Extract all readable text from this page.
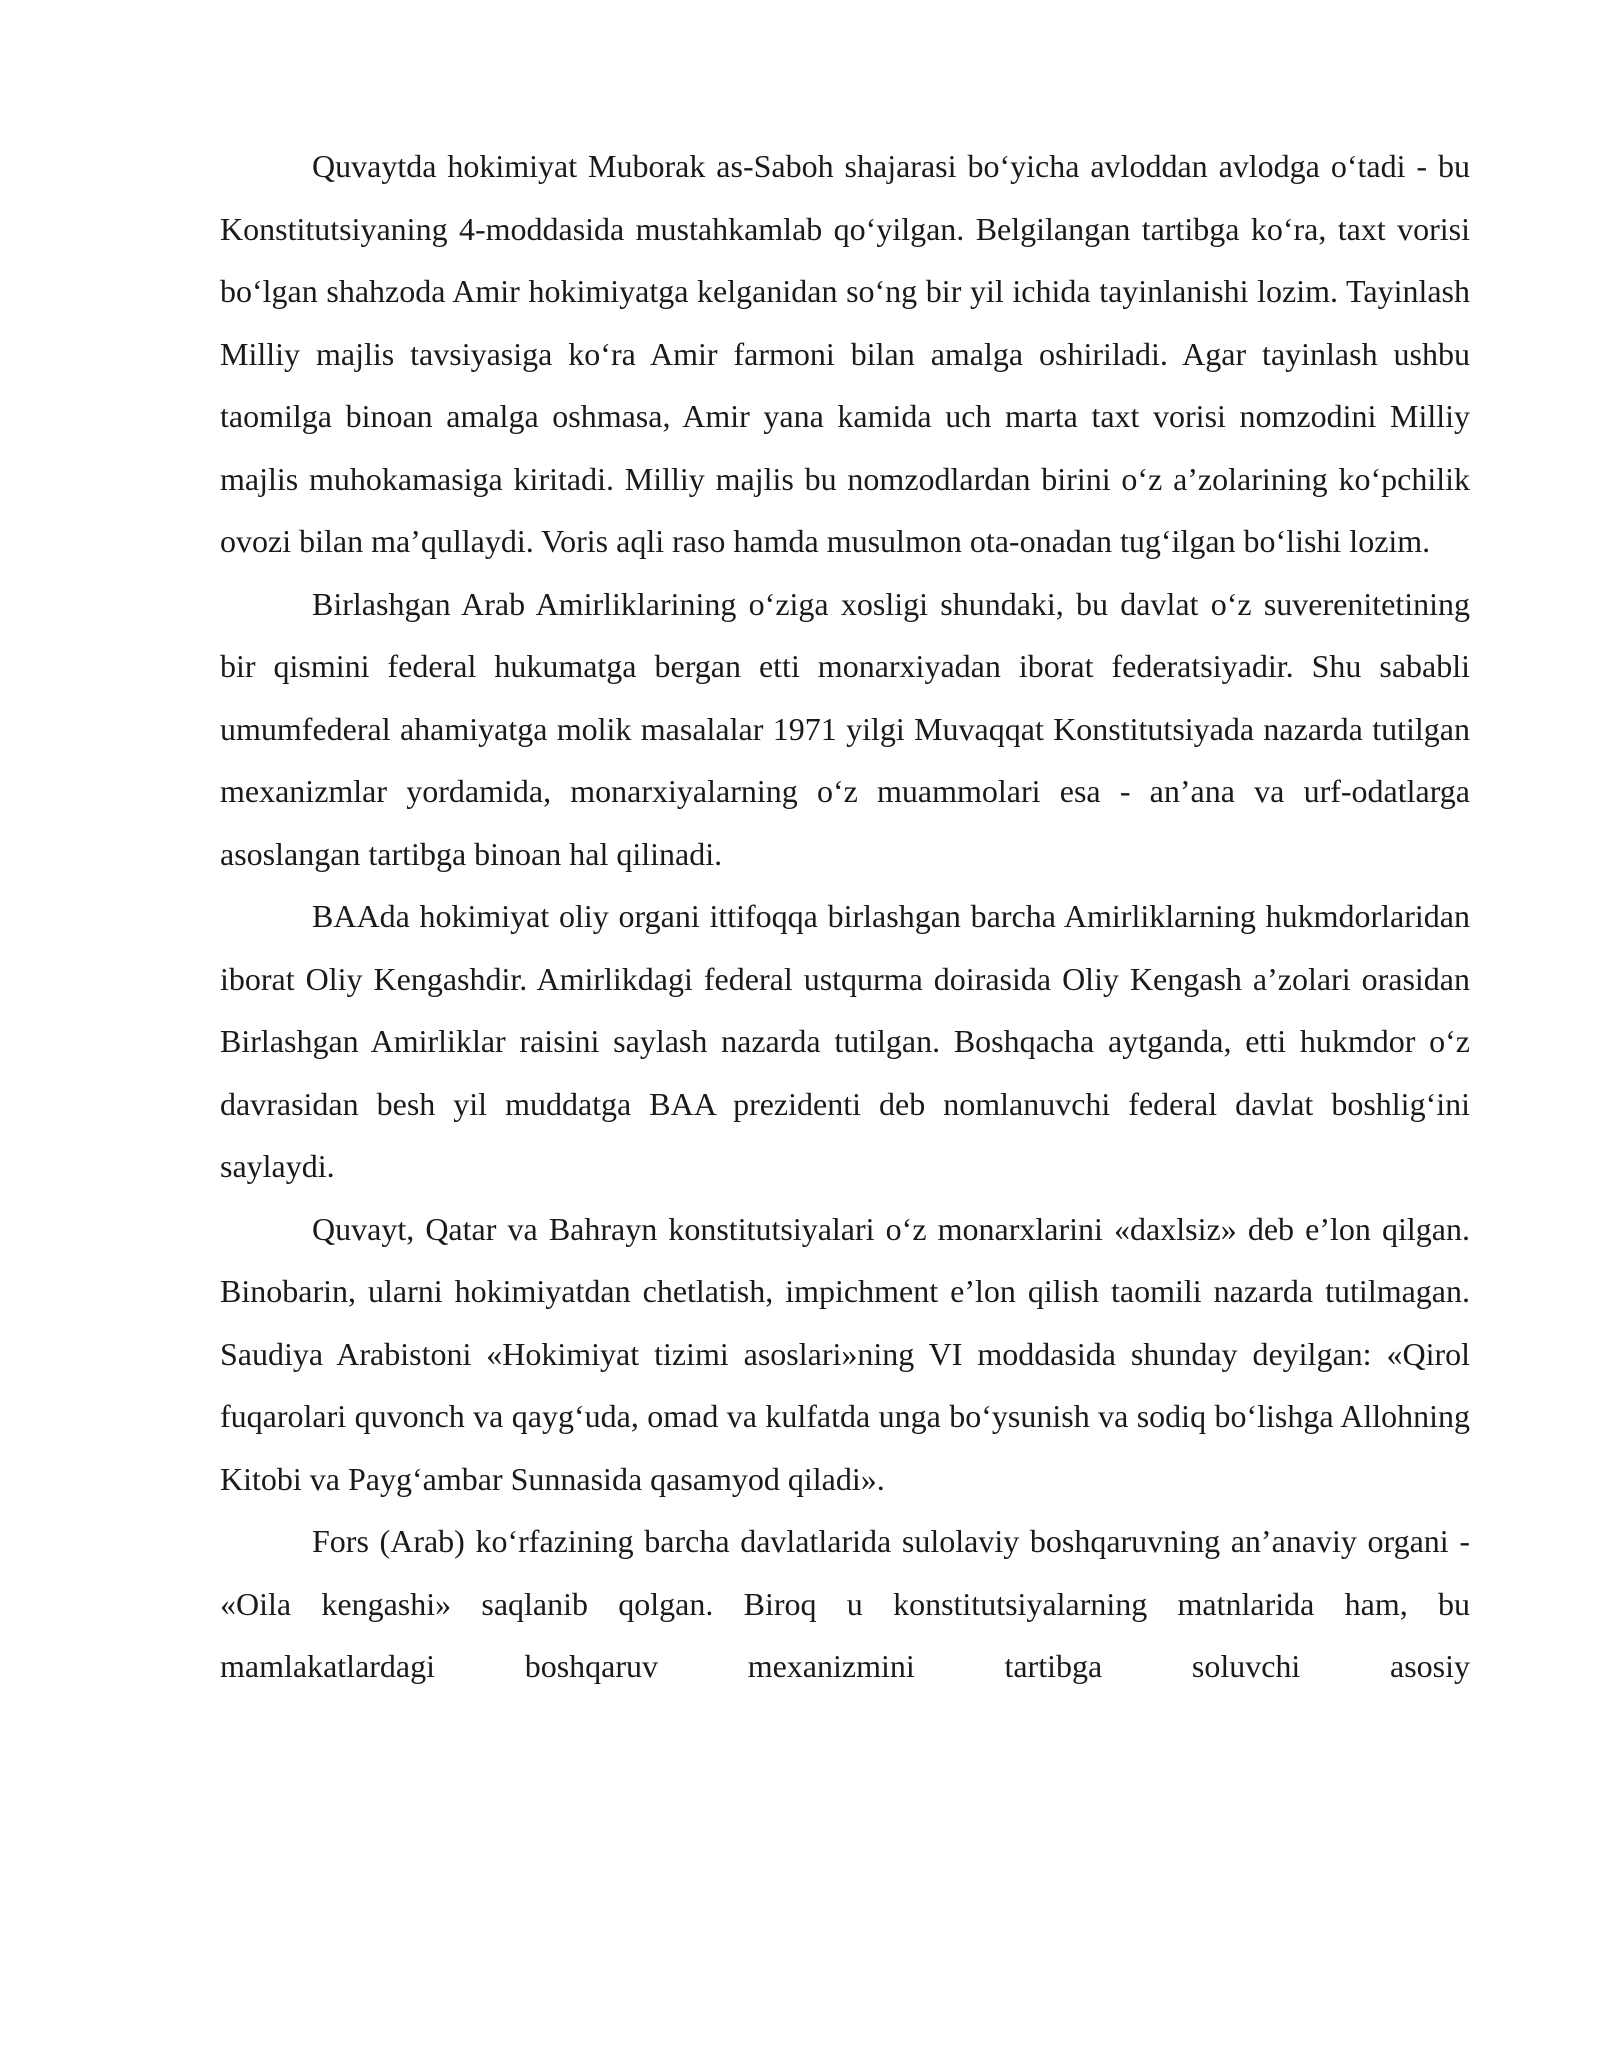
Quvaytda hokimiyat Muborak as-Saboh shajarasi bo‘yicha avloddan avlodga o‘tadi - bu Konstitutsiyaning 4-moddasida mustahkamlab qo‘yilgan. Belgilangan tartibga ko‘ra, taxt vorisi bo‘lgan shahzoda Amir hokimiyatga kelganidan so‘ng bir yil ichida tayinlanishi lozim. Tayinlash Milliy majlis tavsiyasiga ko‘ra Amir farmoni bilan amalga oshiriladi. Agar tayinlash ushbu taomilga binoan amalga oshmasa, Amir yana kamida uch marta taxt vorisi nomzodini Milliy majlis muhokamasiga kiritadi. Milliy majlis bu nomzodlardan birini o‘z a’zolarining ko‘pchilik ovozi bilan ma’qullaydi. Voris aqli raso hamda musulmon ota-onadan tug‘ilgan bo‘lishi lozim.

Birlashgan Arab Amirliklarining o‘ziga xosligi shundaki, bu davlat o‘z suverenitetining bir qismini federal hukumatga bergan etti monarxiyadan iborat federatsiyadir. Shu sababli umumfederal ahamiyatga molik masalalar 1971 yilgi Muvaqqat Konstitutsiyada nazarda tutilgan mexanizmlar yordamida, monarxiyalarning o‘z muammolari esa - an’ana va urf-odatlarga asoslangan tartibga binoan hal qilinadi.

BAAda hokimiyat oliy organi ittifoqqa birlashgan barcha Amirliklarning hukmdorlaridan iborat Oliy Kengashdir. Amirlikdagi federal ustqurma doirasida Oliy Kengash a’zolari orasidan Birlashgan Amirliklar raisini saylash nazarda tutilgan. Boshqacha aytganda, etti hukmdor o‘z davrasidan besh yil muddatga BAA prezidenti deb nomlanuvchi federal davlat boshlig‘ini saylaydi.

Quvayt, Qatar va Bahrayn konstitutsiyalari o‘z monarxlarini «daxlsiz» deb e’lon qilgan. Binobarin, ularni hokimiyatdan chetlatish, impichment e’lon qilish taomili nazarda tutilmagan. Saudiya Arabistoni «Hokimiyat tizimi asoslari»ning VI moddasida shunday deyilgan: «Qirol fuqarolari quvonch va qayg‘uda, omad va kulfatda unga bo‘ysunish va sodiq bo‘lishga Allohning Kitobi va Payg‘ambar Sunnasida qasamyod qiladi».

Fors (Arab) ko‘rfazining barcha davlatlarida sulolaviy boshqaruvning an’anaviy organi - «Oila kengashi» saqlanib qolgan. Biroq u konstitutsiyalarning matnlarida ham, bu mamlakatlardagi boshqaruv mexanizmini tartibga soluvchi asosiy
